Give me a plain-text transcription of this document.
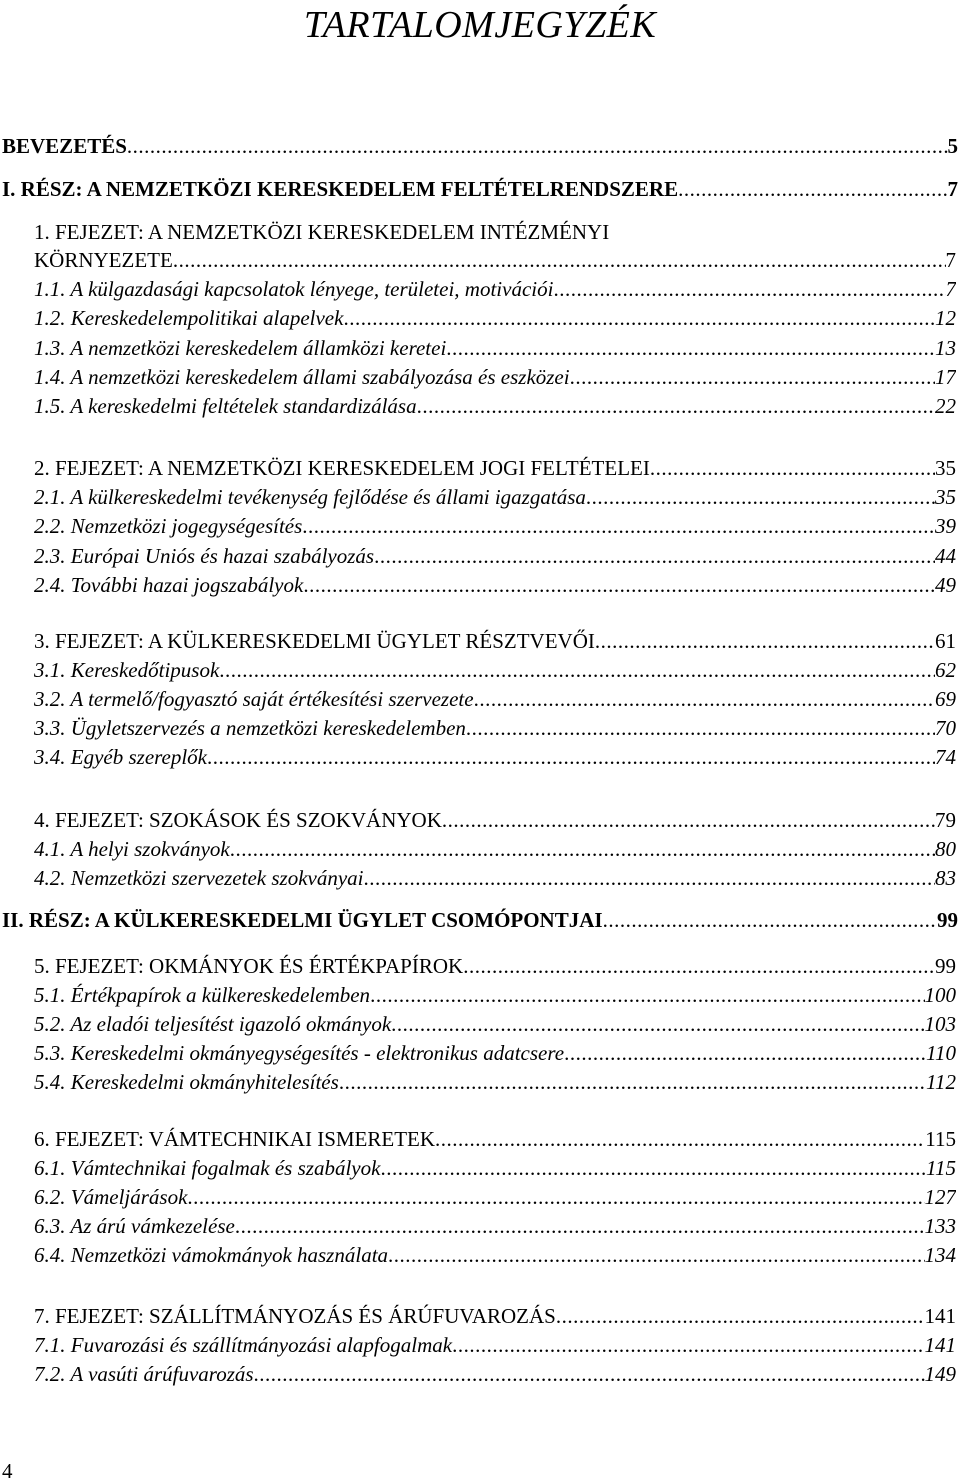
TARTALOMJEGYZÉK
BEVEZETÉS .....	5
I. RÉSZ: A NEMZETKÖZI KERESKEDELEM FELTÉTELRENDSZERE .....	7
1. FEJEZET: A NEMZETKÖZI KERESKEDELEM INTÉZMÉNYI
KÖRNYEZETE .....	7
1.1. A külgazdasági kapcsolatok lényege, területei, motivációi .....	7
1.2. Kereskedelempolitikai alapelvek .....	12
1.3. A nemzetközi kereskedelem államközi keretei .....	13
1.4. A nemzetközi kereskedelem állami szabályozása és eszközei .....	17
1.5. A kereskedelmi feltételek standardizálása .....	22
2. FEJEZET: A NEMZETKÖZI KERESKEDELEM JOGI FELTÉTELEI .....	35
2.1. A külkereskedelmi tevékenység fejlődése és állami igazgatása .....	35
2.2. Nemzetközi jogegységesítés .....	39
2.3. Európai Uniós és hazai szabályozás .....	44
2.4. További hazai jogszabályok .....	49
3. FEJEZET: A KÜLKERESKEDELMI ÜGYLET RÉSZTVEVŐI .....	61
3.1. Kereskedőtipusok .....	62
3.2. A termelő/fogyasztó saját értékesítési szervezete .....	69
3.3. Ügyletszervezés a nemzetközi kereskedelemben .....	70
3.4. Egyéb szereplők .....	74
4. FEJEZET: SZOKÁSOK ÉS SZOKVÁNYOK .....	79
4.1. A helyi szokványok .....	80
4.2. Nemzetközi szervezetek szokványai .....	83
II. RÉSZ: A KÜLKERESKEDELMI ÜGYLET CSOMÓPONTJAI .....	99
5. FEJEZET: OKMÁNYOK ÉS ÉRTÉKPAPÍROK .....	99
5.1. Értékpapírok a külkereskedelemben .....	100
5.2. Az eladói teljesítést igazoló okmányok .....	103
5.3. Kereskedelmi okmányegységesítés - elektronikus adatcsere .....	110
5.4. Kereskedelmi okmányhitelesítés .....	112
6. FEJEZET: VÁMTECHNIKAI ISMERETEK .....	115
6.1. Vámtechnikai fogalmak és szabályok .....	115
6.2. Vámeljárások .....	127
6.3. Az árú vámkezelése .....	133
6.4. Nemzetközi vámokmányok használata .....	134
7. FEJEZET: SZÁLLÍTMÁNYOZÁS ÉS ÁRÚFUVAROZÁS .....	141
7.1. Fuvarozási és szállítmányozási alapfogalmak .....	141
7.2. A vasúti árúfuvarozás .....	149
4
